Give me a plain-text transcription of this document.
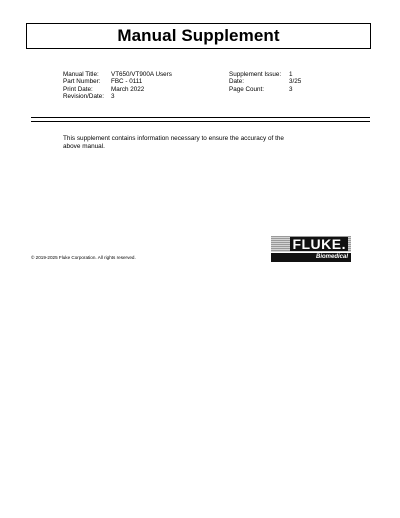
Manual Supplement
Manual Title:	VT650/VT900A Users
Part Number:	FBC - 0111
Print Date:	March 2022
Revision/Date:	3
Supplement Issue:	1
Date:	3/25
Page Count:	3
This supplement contains information necessary to ensure the accuracy of the above manual.
© 2019-2025 Fluke Corporation. All rights reserved.
FLUKE.
Biomedical
